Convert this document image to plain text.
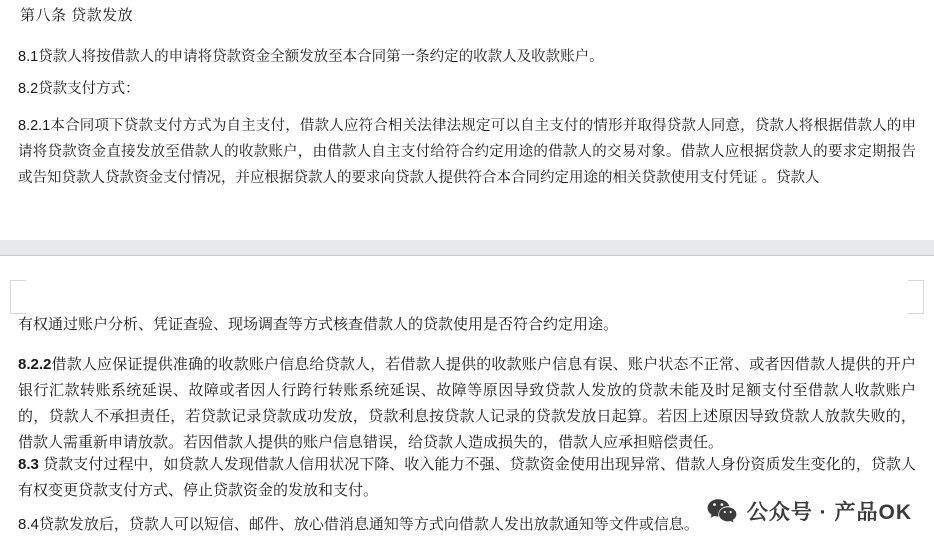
第八条 贷款发放
8.1贷款人将按借款人的申请将贷款资金全额发放至本合同第一条约定的收款人及收款账户。
8.2贷款支付方式：
8.2.1本合同项下贷款支付方式为自主支付，借款人应符合相关法律法规定可以自主支付的情形并取得贷款人同意，贷款人将根据借款人的申请将贷款资金直接发放至借款人的收款账户，由借款人自主支付给符合约定用途的借款人的交易对象。借款人应根据贷款人的要求定期报告或告知贷款人贷款资金支付情况，并应根据贷款人的要求向贷款人提供符合本合同约定用途的相关贷款使用支付凭证 。贷款人
有权通过账户分析、凭证查验、现场调查等方式核查借款人的贷款使用是否符合约定用途。
8.2.2借款人应保证提供准确的收款账户信息给贷款人，若借款人提供的收款账户信息有误、账户状态不正常、或者因借款人提供的开户银行汇款转账系统延误、故障或者因人行跨行转账系统延误、故障等原因导致贷款人发放的贷款未能及时足额支付至借款人收款账户的，贷款人不承担责任，若贷款记录贷款成功发放，贷款利息按贷款人记录的贷款发放日起算。若因上述原因导致贷款人放款失败的，借款人需重新申请放款。若因借款人提供的账户信息错误，给贷款人造成损失的，借款人应承担赔偿责任。
8.3 贷款支付过程中，如贷款人发现借款人信用状况下降、收入能力不强、贷款资金使用出现异常、借款人身份资质发生变化的，贷款人有权变更贷款支付方式、停止贷款资金的发放和支付。
8.4贷款发放后，贷款人可以短信、邮件、放心借消息通知等方式向借款人发出放款通知等文件或信息。
公众号 · 产品OK
